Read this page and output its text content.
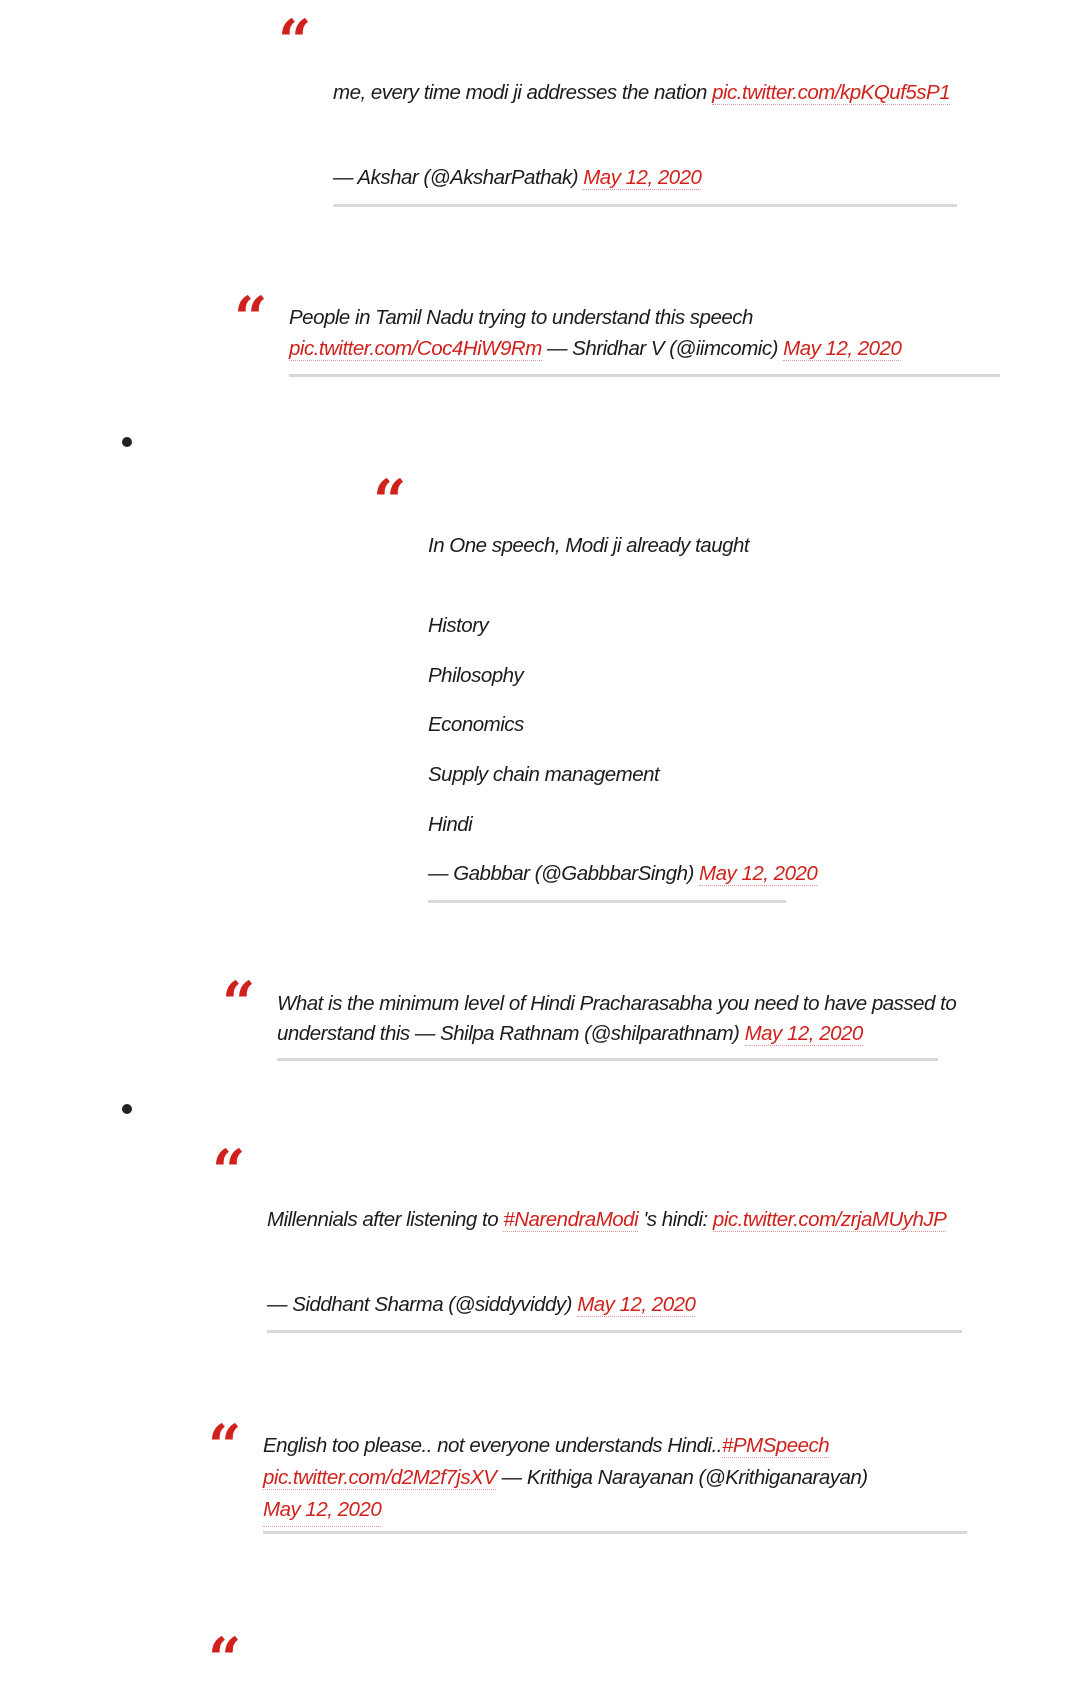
“
me, every time modi ji addresses the nation pic.twitter.com/kpKQuf5sP1
— Akshar (@AksharPathak) May 12, 2020
“ People in Tamil Nadu trying to understand this speech
pic.twitter.com/Coc4HiW9Rm — Shridhar V (@iimcomic) May 12, 2020
“
In One speech, Modi ji already taught
History
Philosophy
Economics
Supply chain management
Hindi
— Gabbbar (@GabbbarSingh) May 12, 2020
“ What is the minimum level of Hindi Pracharasabha you need to have passed to
understand this — Shilpa Rathnam (@shilparathnam) May 12, 2020
“
Millennials after listening to #NarendraModi 's hindi: pic.twitter.com/zrjaMUyhJP
— Siddhant Sharma (@siddyviddy) May 12, 2020
“ English too please.. not everyone understands Hindi..#PMSpeech
pic.twitter.com/d2M2f7jsXV — Krithiga Narayanan (@Krithiganarayan)
May 12, 2020
“
